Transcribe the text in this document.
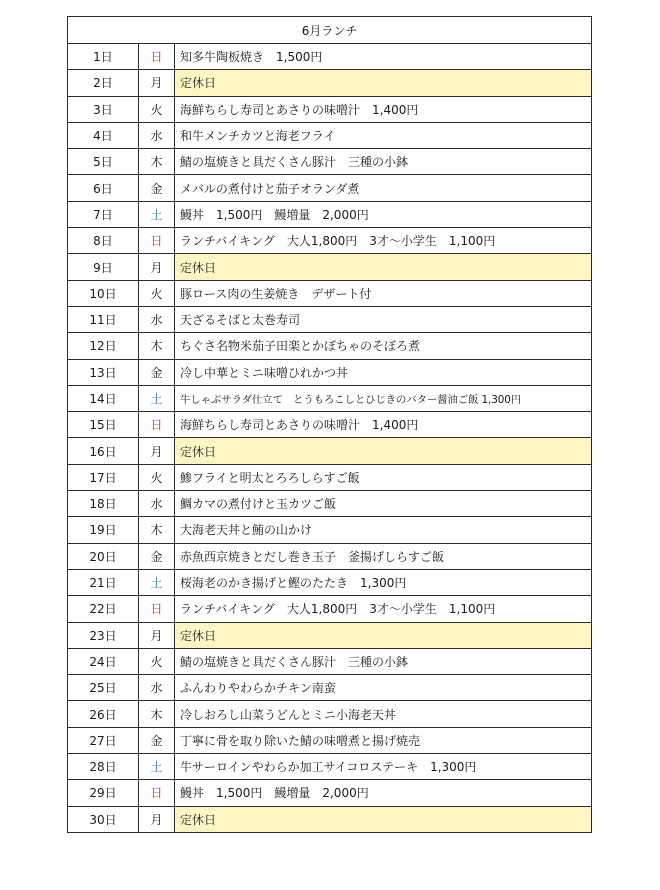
6月ランチ		
1日	日	知多牛陶板焼き　1,500円
2日	月	定休日
3日	火	海鮮ちらし寿司とあさりの味噌汁　1,400円
4日	水	和牛メンチカツと海老フライ
5日	木	鯖の塩焼きと具だくさん豚汁　三種の小鉢
6日	金	メバルの煮付けと茄子オランダ煮
7日	土	鰻丼　1,500円　鰻増量　2,000円
8日	日	ランチバイキング　大人1,800円　3才～小学生　1,100円
9日	月	定休日
10日	火	豚ロース肉の生姜焼き　デザート付
11日	水	天ざるそばと太巻寿司
12日	木	ちぐさ名物米茄子田楽とかぼちゃのそぼろ煮
13日	金	冷し中華とミニ味噌ひれかつ丼
14日	土	牛しゃぶサラダ仕立て　とうもろこしとひじきのバター醤油ご飯 1,300円
15日	日	海鮮ちらし寿司とあさりの味噌汁　1,400円
16日	月	定休日
17日	火	鯵フライと明太とろろしらすご飯
18日	水	鯛カマの煮付けと玉カツご飯
19日	木	大海老天丼と鮪の山かけ
20日	金	赤魚西京焼きとだし巻き玉子　釜揚げしらすご飯
21日	土	桜海老のかき揚げと鰹のたたき　1,300円
22日	日	ランチバイキング　大人1,800円　3才～小学生　1,100円
23日	月	定休日
24日	火	鯖の塩焼きと具だくさん豚汁　三種の小鉢
25日	水	ふんわりやわらかチキン南蛮
26日	木	冷しおろし山菜うどんとミニ小海老天丼
27日	金	丁寧に骨を取り除いた鯖の味噌煮と揚げ焼売
28日	土	牛サーロインやわらか加工サイコロステーキ　1,300円
29日	日	鰻丼　1,500円　鰻増量　2,000円
30日	月	定休日
